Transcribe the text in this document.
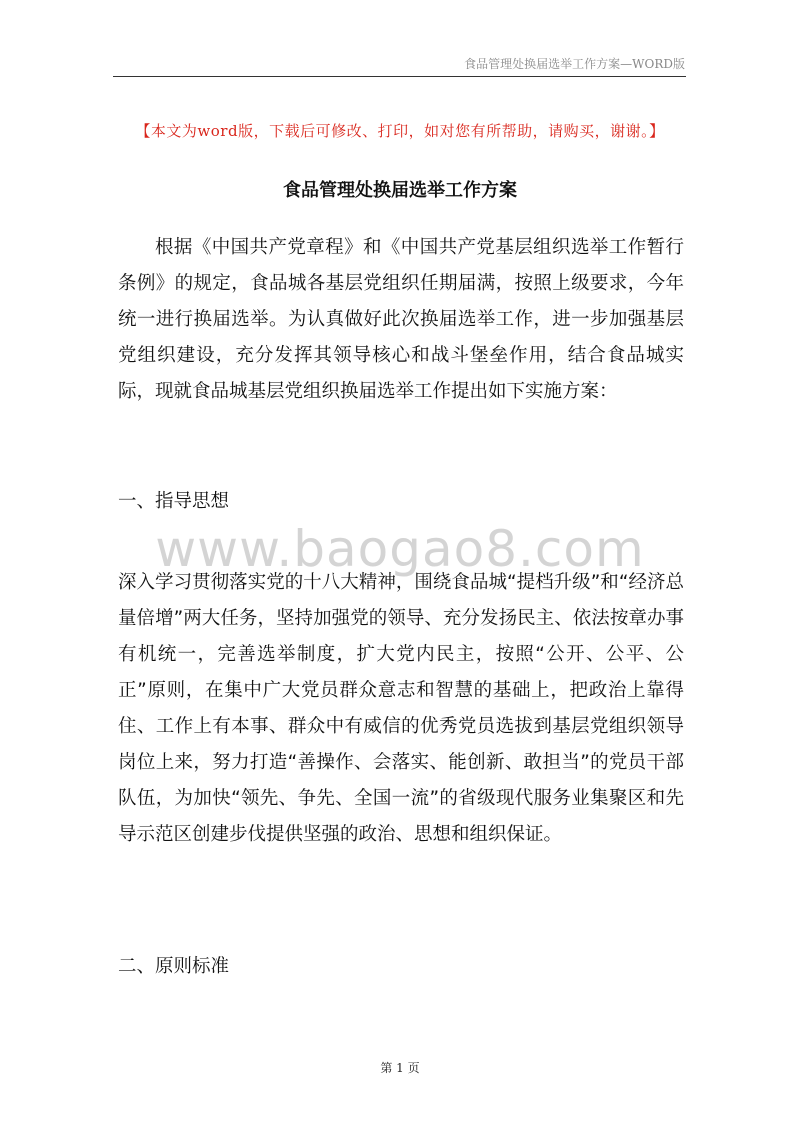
食品管理处换届选举工作方案—WORD版
【本文为word版，下载后可修改、打印，如对您有所帮助，请购买，谢谢。】
食品管理处换届选举工作方案
根据《中国共产党章程》和《中国共产党基层组织选举工作暂行条例》的规定，食品城各基层党组织任期届满，按照上级要求，今年统一进行换届选举。为认真做好此次换届选举工作，进一步加强基层党组织建设，充分发挥其领导核心和战斗堡垒作用，结合食品城实际，现就食品城基层党组织换届选举工作提出如下实施方案：
一、指导思想
www.baogao8.com
深入学习贯彻落实党的十八大精神，围绕食品城“提档升级”和“经济总量倍增”两大任务，坚持加强党的领导、充分发扬民主、依法按章办事有机统一，完善选举制度，扩大党内民主，按照“公开、公平、公正”原则，在集中广大党员群众意志和智慧的基础上，把政治上靠得住、工作上有本事、群众中有威信的优秀党员选拔到基层党组织领导岗位上来，努力打造“善操作、会落实、能创新、敢担当”的党员干部队伍，为加快“领先、争先、全国一流”的省级现代服务业集聚区和先导示范区创建步伐提供坚强的政治、思想和组织保证。
二、原则标准
第 1 页
